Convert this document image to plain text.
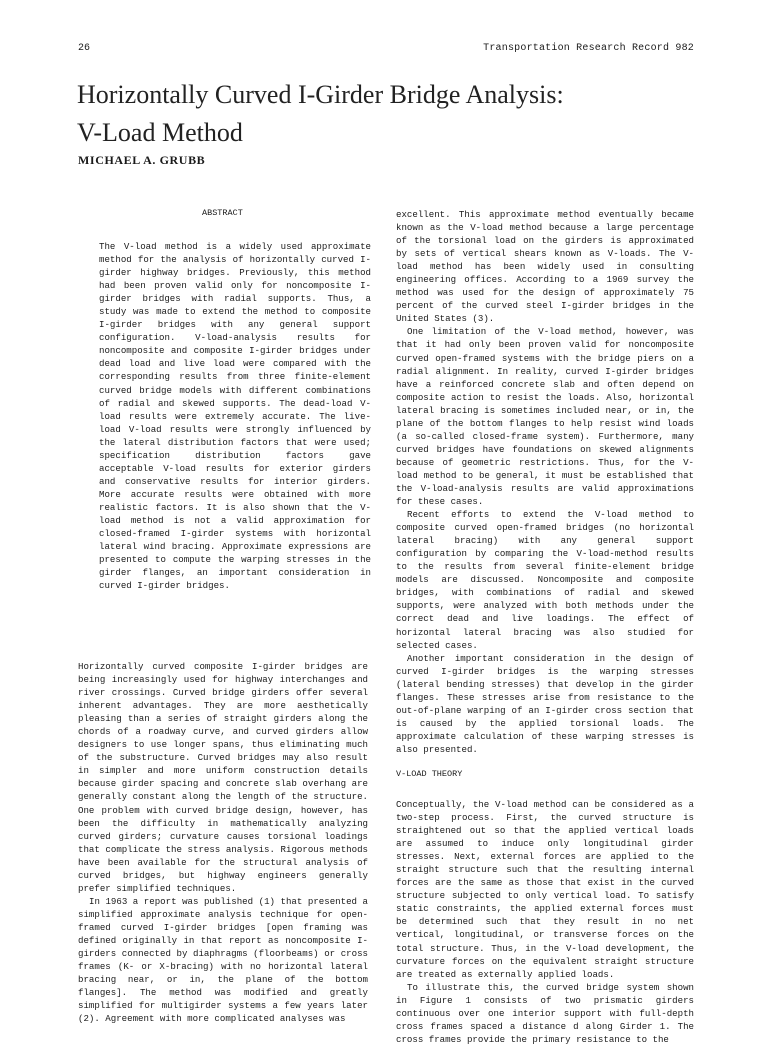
26	Transportation Research Record 982
Horizontally Curved I-Girder Bridge Analysis:
V-Load Method
MICHAEL A. GRUBB
ABSTRACT

The V-load method is a widely used approximate method for the analysis of horizontally curved I-girder highway bridges. Previously, this method had been proven valid only for noncomposite I-girder bridges with radial supports. Thus, a study was made to extend the method to composite I-girder bridges with any general support configuration. V-load-analysis results for noncomposite and composite I-girder bridges under dead load and live load were compared with the corresponding results from three finite-element curved bridge models with different combinations of radial and skewed supports. The dead-load V-load results were extremely accurate. The live-load V-load results were strongly influenced by the lateral distribution factors that were used; specification distribution factors gave acceptable V-load results for exterior girders and conservative results for interior girders. More accurate results were obtained with more realistic factors. It is also shown that the V-load method is not a valid approximation for closed-framed I-girder systems with horizontal lateral wind bracing. Approximate expressions are presented to compute the warping stresses in the girder flanges, an important consideration in curved I-girder bridges.

Horizontally curved composite I-girder bridges are being increasingly used for highway interchanges and river crossings. Curved bridge girders offer several inherent advantages. They are more aesthetically pleasing than a series of straight girders along the chords of a roadway curve, and curved girders allow designers to use longer spans, thus eliminating much of the substructure. Curved bridges may also result in simpler and more uniform construction details because girder spacing and concrete slab overhang are generally constant along the length of the structure. One problem with curved bridge design, however, has been the difficulty in mathematically analyzing curved girders; curvature causes torsional loadings that complicate the stress analysis. Rigorous methods have been available for the structural analysis of curved bridges, but highway engineers generally prefer simplified techniques.

In 1963 a report was published (1) that presented a simplified approximate analysis technique for open-framed curved I-girder bridges [open framing was defined originally in that report as noncomposite I-girders connected by diaphragms (floorbeams) or cross frames (K- or X-bracing) with no horizontal lateral bracing near, or in, the plane of the bottom flanges]. The method was modified and greatly simplified for multigirder systems a few years later (2). Agreement with more complicated analyses was

excellent. This approximate method eventually became known as the V-load method because a large percentage of the torsional load on the girders is approximated by sets of vertical shears known as V-loads. The V-load method has been widely used in consulting engineering offices. According to a 1969 survey the method was used for the design of approximately 75 percent of the curved steel I-girder bridges in the United States (3).

One limitation of the V-load method, however, was that it had only been proven valid for noncomposite curved open-framed systems with the bridge piers on a radial alignment. In reality, curved I-girder bridges have a reinforced concrete slab and often depend on composite action to resist the loads. Also, horizontal lateral bracing is sometimes included near, or in, the plane of the bottom flanges to help resist wind loads (a so-called closed-frame system). Furthermore, many curved bridges have foundations on skewed alignments because of geometric restrictions. Thus, for the V-load method to be general, it must be established that the V-load-analysis results are valid approximations for these cases.

Recent efforts to extend the V-load method to composite curved open-framed bridges (no horizontal lateral bracing) with any general support configuration by comparing the V-load-method results to the results from several finite-element bridge models are discussed. Noncomposite and composite bridges, with combinations of radial and skewed supports, were analyzed with both methods under the correct dead and live loadings. The effect of horizontal lateral bracing was also studied for selected cases.

Another important consideration in the design of curved I-girder bridges is the warping stresses (lateral bending stresses) that develop in the girder flanges. These stresses arise from resistance to the out-of-plane warping of an I-girder cross section that is caused by the applied torsional loads. The approximate calculation of these warping stresses is also presented.

V-LOAD THEORY

Conceptually, the V-load method can be considered as a two-step process. First, the curved structure is straightened out so that the applied vertical loads are assumed to induce only longitudinal girder stresses. Next, external forces are applied to the straight structure such that the resulting internal forces are the same as those that exist in the curved structure subjected to only vertical load. To satisfy static constraints, the applied external forces must be determined such that they result in no net vertical, longitudinal, or transverse forces on the total structure. Thus, in the V-load development, the curvature forces on the equivalent straight structure are treated as externally applied loads.

To illustrate this, the curved bridge system shown in Figure 1 consists of two prismatic girders continuous over one interior support with full-depth cross frames spaced a distance d along Girder 1. The cross frames provide the primary resistance to the
